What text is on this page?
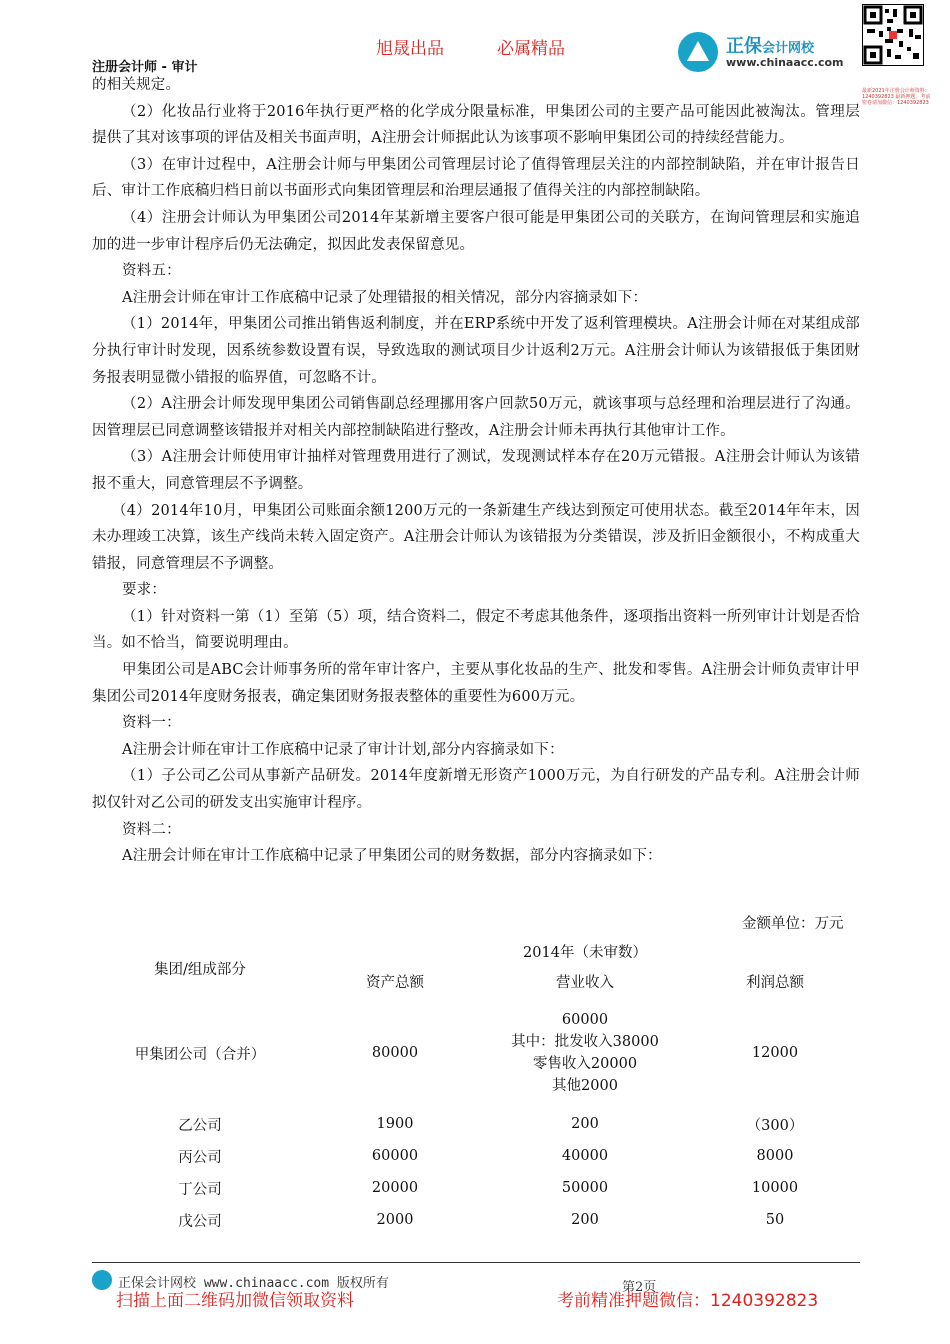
旭晟出品	必属精品
注册会计师 - 审计
正保会计网校
www.chinaacc.com
最新2021年注册会计师资料：1240392823 最新押题、考前密卷请加微信：1240392823

的相关规定。

（2）化妆品行业将于2016年执行更严格的化学成分限量标准，甲集团公司的主要产品可能因此被淘汰。管理层提供了其对该事项的评估及相关书面声明，A注册会计师据此认为该事项不影响甲集团公司的持续经营能力。

（3）在审计过程中，A注册会计师与甲集团公司管理层讨论了值得管理层关注的内部控制缺陷，并在审计报告日后、审计工作底稿归档日前以书面形式向集团管理层和治理层通报了值得关注的内部控制缺陷。

（4）注册会计师认为甲集团公司2014年某新增主要客户很可能是甲集团公司的关联方，在询问管理层和实施追加的进一步审计程序后仍无法确定，拟因此发表保留意见。

资料五：

A注册会计师在审计工作底稿中记录了处理错报的相关情况，部分内容摘录如下：

（1）2014年，甲集团公司推出销售返利制度，并在ERP系统中开发了返利管理模块。A注册会计师在对某组成部分执行审计时发现，因系统参数设置有误，导致选取的测试项目少计返利2万元。A注册会计师认为该错报低于集团财务报表明显微小错报的临界值，可忽略不计。

（2）A注册会计师发现甲集团公司销售副总经理挪用客户回款50万元，就该事项与总经理和治理层进行了沟通。因管理层已同意调整该错报并对相关内部控制缺陷进行整改，A注册会计师未再执行其他审计工作。

（3）A注册会计师使用审计抽样对管理费用进行了测试，发现测试样本存在20万元错报。A注册会计师认为该错报不重大，同意管理层不予调整。

（4）2014年10月，甲集团公司账面余额1200万元的一条新建生产线达到预定可使用状态。截至2014年年末，因未办理竣工决算，该生产线尚未转入固定资产。A注册会计师认为该错报为分类错误，涉及折旧金额很小，不构成重大错报，同意管理层不予调整。

要求：

（1）针对资料一第（1）至第（5）项，结合资料二，假定不考虑其他条件，逐项指出资料一所列审计计划是否恰当。如不恰当，简要说明理由。

甲集团公司是ABC会计师事务所的常年审计客户，主要从事化妆品的生产、批发和零售。A注册会计师负责审计甲集团公司2014年度财务报表，确定集团财务报表整体的重要性为600万元。

资料一：

A注册会计师在审计工作底稿中记录了审计计划,部分内容摘录如下：

（1）子公司乙公司从事新产品研发。2014年度新增无形资产1000万元，为自行研发的产品专利。A注册会计师拟仅针对乙公司的研发支出实施审计程序。

资料二：

A注册会计师在审计工作底稿中记录了甲集团公司的财务数据，部分内容摘录如下：

金额单位：万元
集团/组成部分	2014年（未审数）		
	资产总额	营业收入	利润总额
甲集团公司（合并）	80000	60000
其中：批发收入38000
零售收入20000
其他2000	12000
乙公司	1900	200	（300）
丙公司	60000	40000	8000
丁公司	20000	50000	10000
戊公司	2000	200	50
正保会计网校 www.chinaacc.com 版权所有	第2页
扫描上面二维码加微信领取资料	考前精准押题微信：1240392823
